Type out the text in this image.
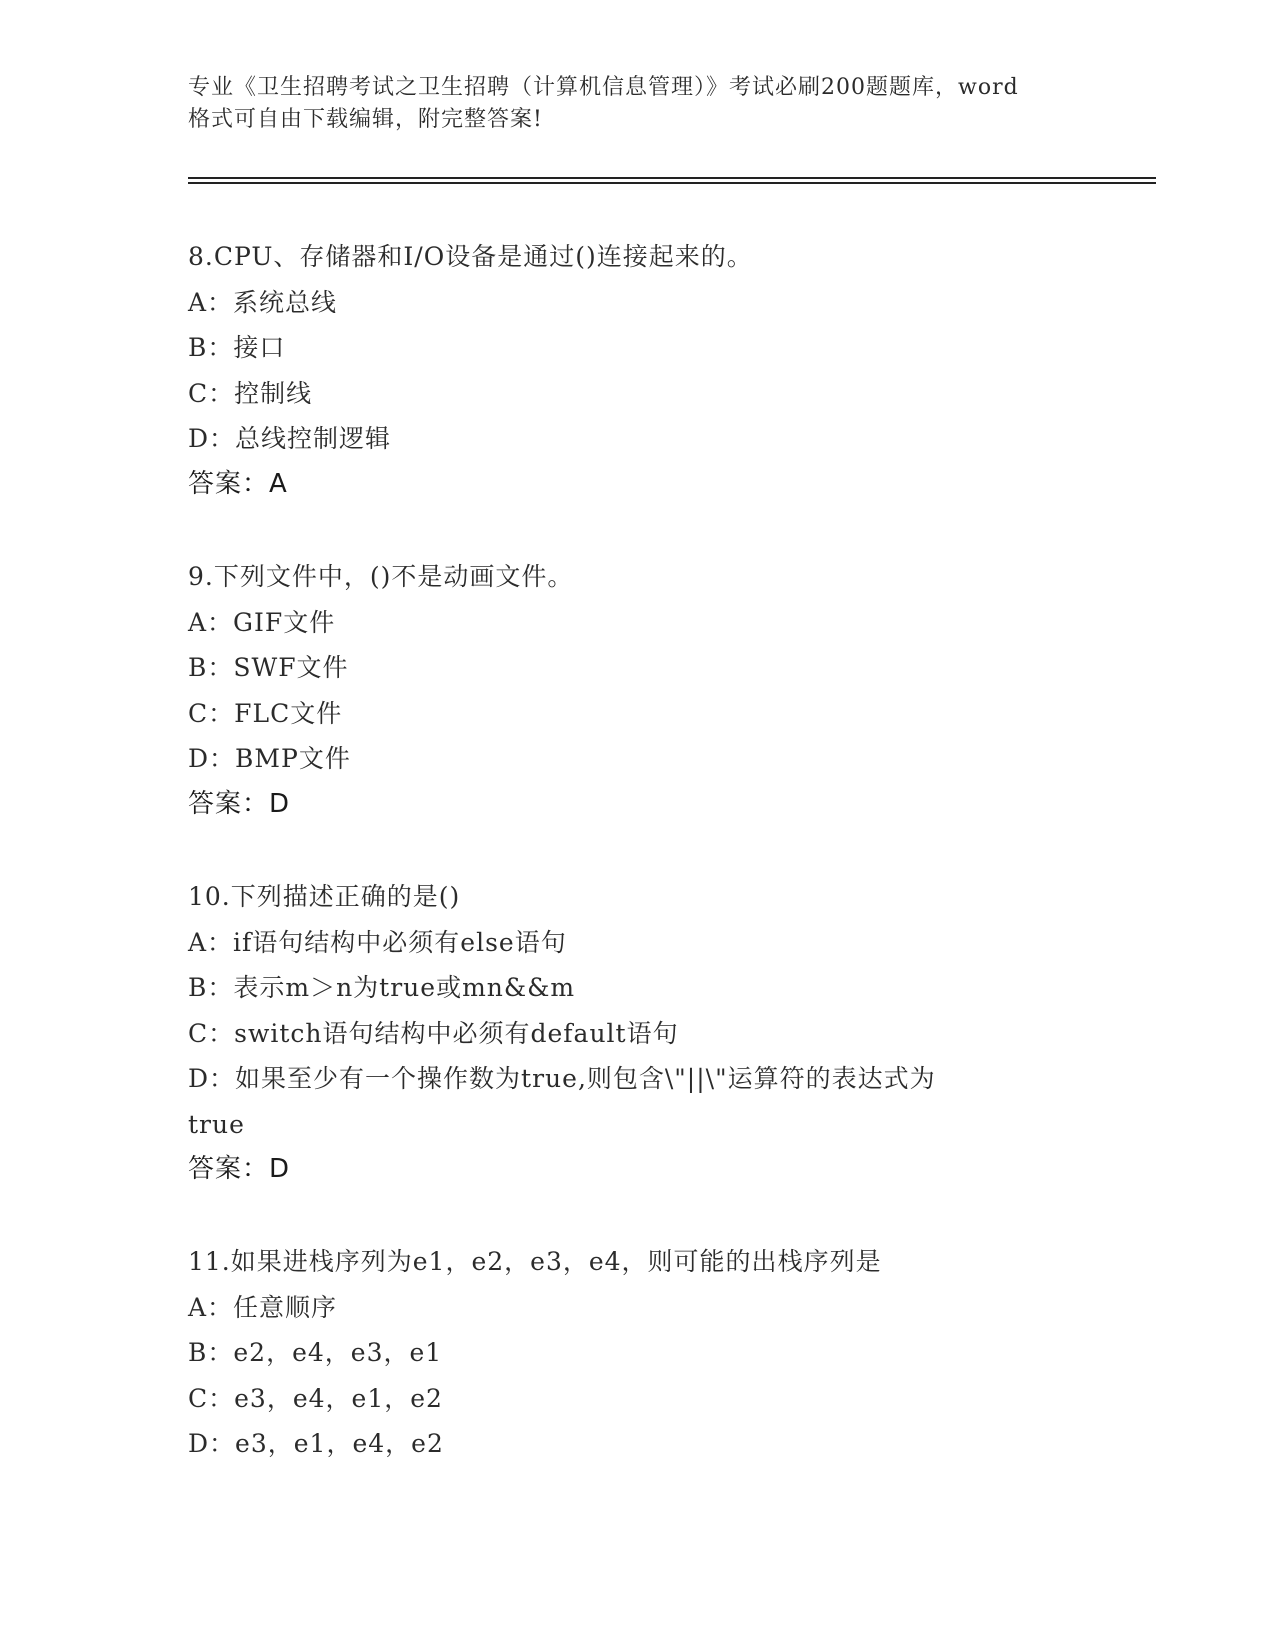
专业《卫生招聘考试之卫生招聘（计算机信息管理）》考试必刷200题题库，word
格式可自由下载编辑，附完整答案!
8.CPU、存储器和I/O设备是通过()连接起来的。
A：系统总线
B：接口
C：控制线
D：总线控制逻辑
答案：A
9.下列文件中，()不是动画文件。
A：GIF文件
B：SWF文件
C：FLC文件
D：BMP文件
答案：D
10.下列描述正确的是()
A：if语句结构中必须有else语句
B：表示m＞n为true或mn&&m
C：switch语句结构中必须有default语句
D：如果至少有一个操作数为true,则包含\"||\"运算符的表达式为
true
答案：D
11.如果进栈序列为e1，e2，e3，e4，则可能的出栈序列是
A：任意顺序
B：e2，e4，e3，e1
C：e3，e4，e1，e2
D：e3，e1，e4，e2
